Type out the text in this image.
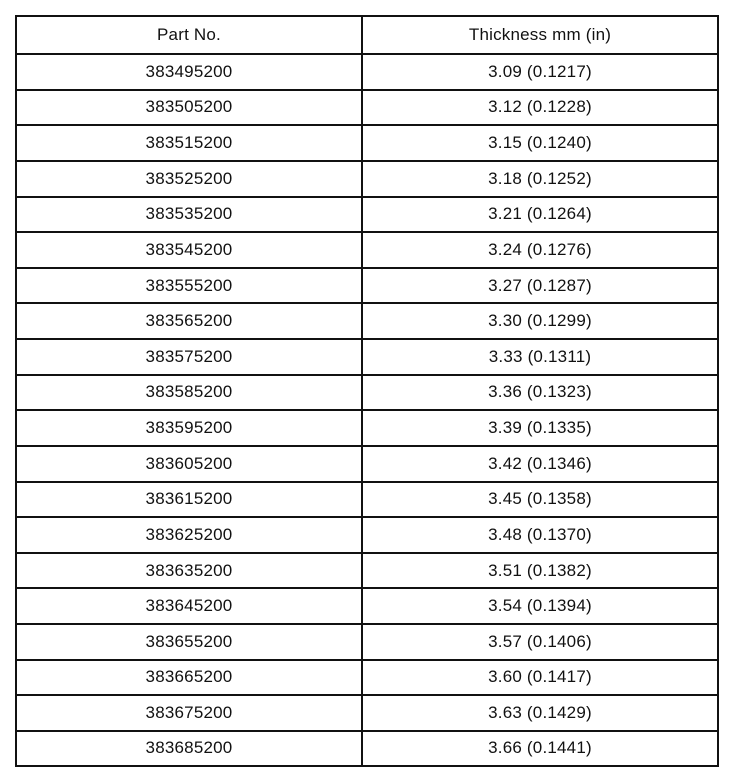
Part No.	Thickness mm (in)
383495200	3.09 (0.1217)
383505200	3.12 (0.1228)
383515200	3.15 (0.1240)
383525200	3.18 (0.1252)
383535200	3.21 (0.1264)
383545200	3.24 (0.1276)
383555200	3.27 (0.1287)
383565200	3.30 (0.1299)
383575200	3.33 (0.1311)
383585200	3.36 (0.1323)
383595200	3.39 (0.1335)
383605200	3.42 (0.1346)
383615200	3.45 (0.1358)
383625200	3.48 (0.1370)
383635200	3.51 (0.1382)
383645200	3.54 (0.1394)
383655200	3.57 (0.1406)
383665200	3.60 (0.1417)
383675200	3.63 (0.1429)
383685200	3.66 (0.1441)
